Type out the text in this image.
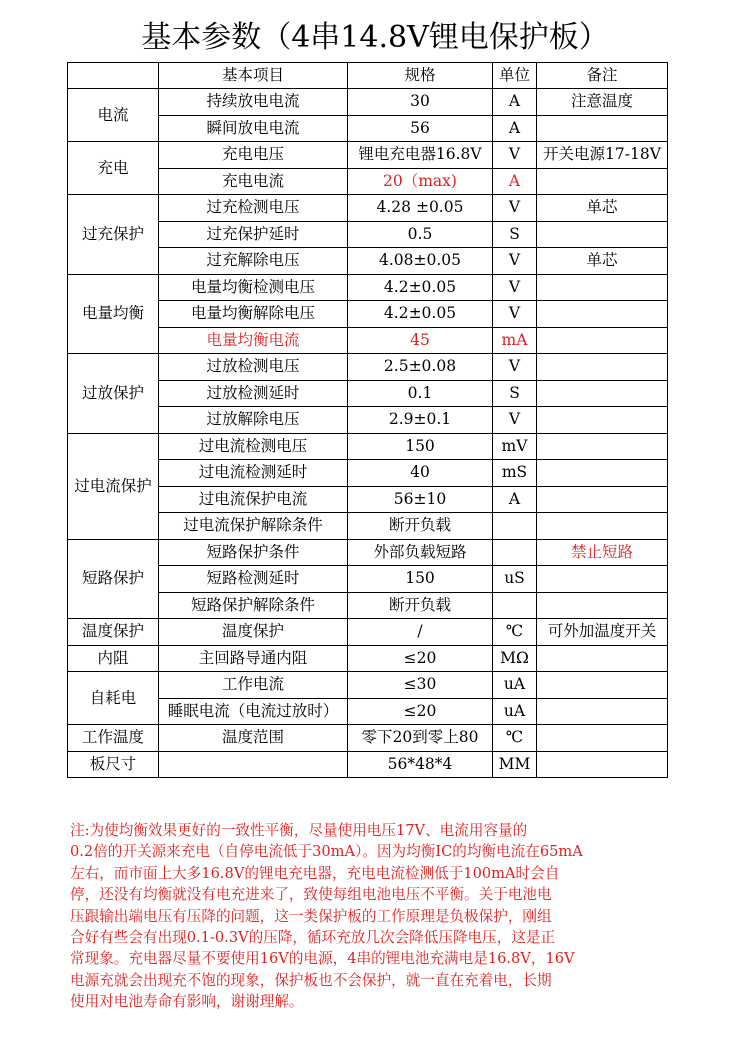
基本参数（4串14.8V锂电保护板）
	基本项目	规格	单位	备注
电流	持续放电电流	30	A	注意温度
	瞬间放电电流	56	A	
充电	充电电压	锂电充电器16.8V	V	开关电源17-18V
	充电电流	20（max)	A	
过充保护	过充检测电压	4.28 ±0.05	V	单芯
	过充保护延时	0.5	S	
	过充解除电压	4.08±0.05	V	单芯
电量均衡	电量均衡检测电压	4.2±0.05	V	
	电量均衡解除电压	4.2±0.05	V	
	电量均衡电流	45	mA	
过放保护	过放检测电压	2.5±0.08	V	
	过放检测延时	0.1	S	
	过放解除电压	2.9±0.1	V	
过电流保护	过电流检测电压	150	mV	
	过电流检测延时	40	mS	
	过电流保护电流	56±10	A	
	过电流保护解除条件	断开负载		
短路保护	短路保护条件	外部负载短路		禁止短路
	短路检测延时	150	uS	
	短路保护解除条件	断开负载		
温度保护	温度保护	/	℃	可外加温度开关
内阻	主回路导通内阻	≤20	MΩ	
自耗电	工作电流	≤30	uA	
	睡眠电流（电流过放时）	≤20	uA	
工作温度	温度范围	零下20到零上80	℃	
板尺寸		56*48*4	MM	
注:为使均衡效果更好的一致性平衡，尽量使用电压17V、电流用容量的
0.2倍的开关源来充电（自停电流低于30mA）。因为均衡IC的均衡电流在65mA
左右，而市面上大多16.8V的锂电充电器，充电电流检测低于100mA时会自
停，还没有均衡就没有电充进来了，致使每组电池电压不平衡。关于电池电
压跟输出端电压有压降的问题，这一类保护板的工作原理是负极保护，刚组
合好有些会有出现0.1-0.3V的压降，循环充放几次会降低压降电压，这是正
常现象。充电器尽量不要使用16V的电源，4串的锂电池充满电是16.8V，16V
电源充就会出现充不饱的现象，保护板也不会保护，就一直在充着电，长期
使用对电池寿命有影响，谢谢理解。
